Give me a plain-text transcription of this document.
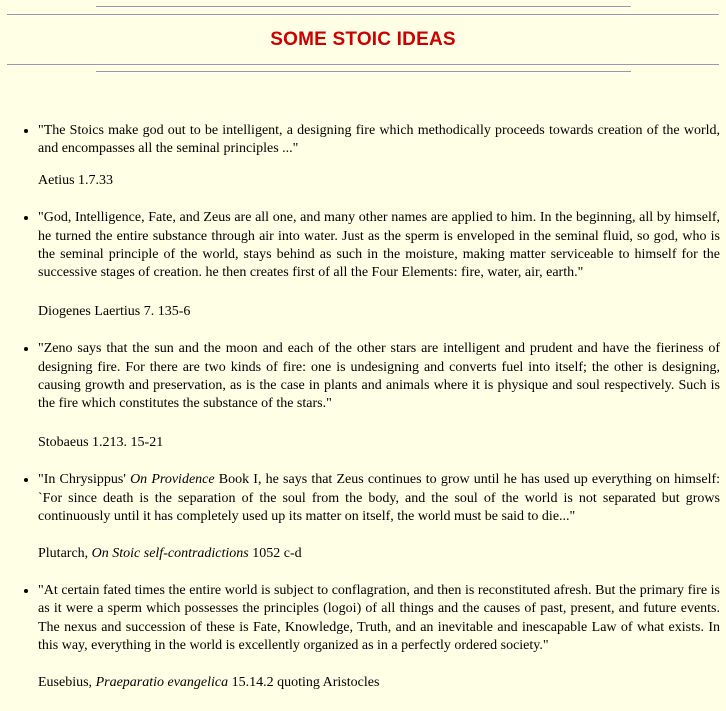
SOME STOIC IDEAS

• "The Stoics make god out to be intelligent, a designing fire which methodically proceeds towards creation of the world, and encompasses all the seminal principles ..."

Aetius 1.7.33

• "God, Intelligence, Fate, and Zeus are all one, and many other names are applied to him. In the beginning, all by himself, he turned the entire substance through air into water. Just as the sperm is enveloped in the seminal fluid, so god, who is the seminal principle of the world, stays behind as such in the moisture, making matter serviceable to himself for the successive stages of creation. he then creates first of all the Four Elements: fire, water, air, earth."

Diogenes Laertius 7. 135-6

• "Zeno says that the sun and the moon and each of the other stars are intelligent and prudent and have the fieriness of designing fire. For there are two kinds of fire: one is undesigning and converts fuel into itself; the other is designing, causing growth and preservation, as is the case in plants and animals where it is physique and soul respectively. Such is the fire which constitutes the substance of the stars."

Stobaeus 1.213. 15-21

• "In Chrysippus' On Providence Book I, he says that Zeus continues to grow until he has used up everything on himself: `For since death is the separation of the soul from the body, and the soul of the world is not separated but grows continuously until it has completely used up its matter on itself, the world must be said to die..."

Plutarch, On Stoic self-contradictions 1052 c-d

• "At certain fated times the entire world is subject to conflagration, and then is reconstituted afresh. But the primary fire is as it were a sperm which possesses the principles (logoi) of all things and the causes of past, present, and future events. The nexus and succession of these is Fate, Knowledge, Truth, and an inevitable and inescapable Law of what exists. In this way, everything in the world is excellently organized as in a perfectly ordered society."

Eusebius, Praeparatio evangelica 15.14.2 quoting Aristocles
